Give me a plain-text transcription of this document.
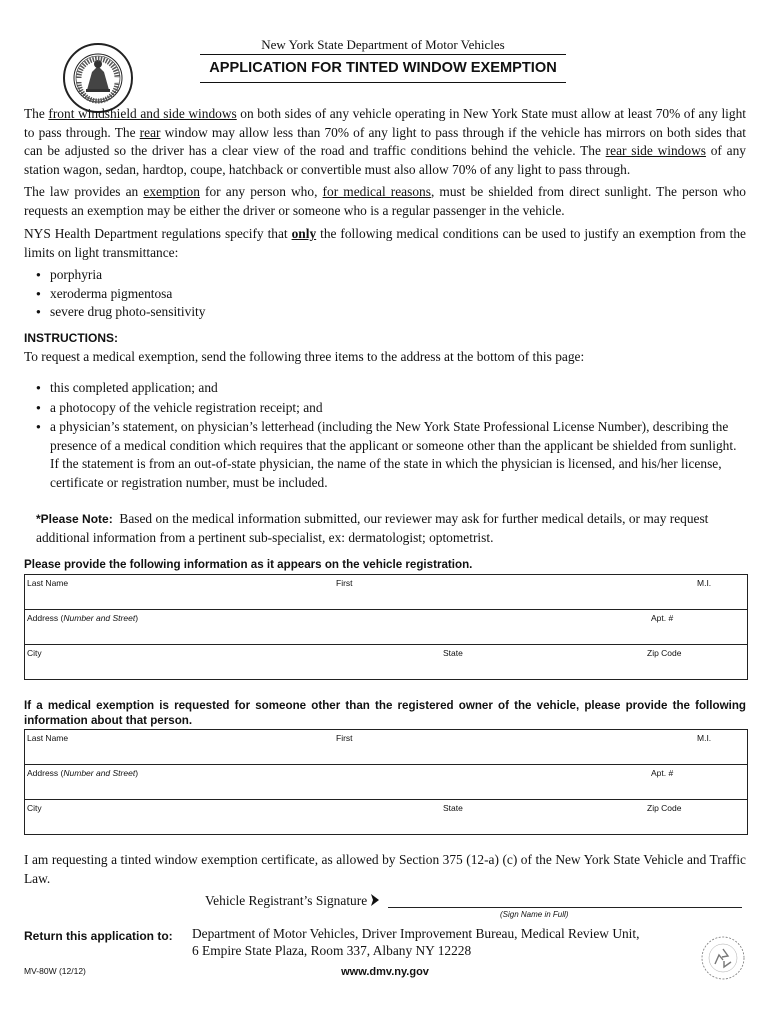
New York State Department of Motor Vehicles
APPLICATION FOR TINTED WINDOW EXEMPTION

The front windshield and side windows on both sides of any vehicle operating in New York State must allow at least 70% of any light to pass through. The rear window may allow less than 70% of any light to pass through if the vehicle has mirrors on both sides that can be adjusted so the driver has a clear view of the road and traffic conditions behind the vehicle. The rear side windows of any station wagon, sedan, hardtop, coupe, hatchback or convertible must also allow 70% of any light to pass through.

The law provides an exemption for any person who, for medical reasons, must be shielded from direct sunlight. The person who requests an exemption may be either the driver or someone who is a regular passenger in the vehicle.

NYS Health Department regulations specify that only the following medical conditions can be used to justify an exemption from the limits on light transmittance:

● porphyria
● xeroderma pigmentosa
● severe drug photo-sensitivity
INSTRUCTIONS:

To request a medical exemption, send the following three items to the address at the bottom of this page:

● this completed application; and
● a photocopy of the vehicle registration receipt; and
● a physician’s statement, on physician’s letterhead (including the New York State Professional License Number), describing the presence of a medical condition which requires that the applicant or someone other than the applicant be shielded from sunlight. If the statement is from an out-of-state physician, the name of the state in which the physician is licensed, and his/her license, certificate or registration number, must be included.

*Please Note: Based on the medical information submitted, our reviewer may ask for further medical details, or may request additional information from a pertinent sub-specialist, ex: dermatologist; optometrist.

Please provide the following information as it appears on the vehicle registration.
Last Name	First	M.I.
Address (Number and Street)	Apt. #
City	State	Zip Code
If a medical exemption is requested for someone other than the registered owner of the vehicle, please provide the following information about that person.
Last Name	First	M.I.
Address (Number and Street)	Apt. #
City	State	Zip Code

I am requesting a tinted window exemption certificate, as allowed by Section 375 (12-a) (c) of the New York State Vehicle and Traffic Law.

Vehicle Registrant’s Signature
(Sign Name in Full)
Return this application to: Department of Motor Vehicles, Driver Improvement Bureau, Medical Review Unit,
6 Empire State Plaza, Room 337, Albany NY 12228
MV-80W (12/12)	www.dmv.ny.gov
